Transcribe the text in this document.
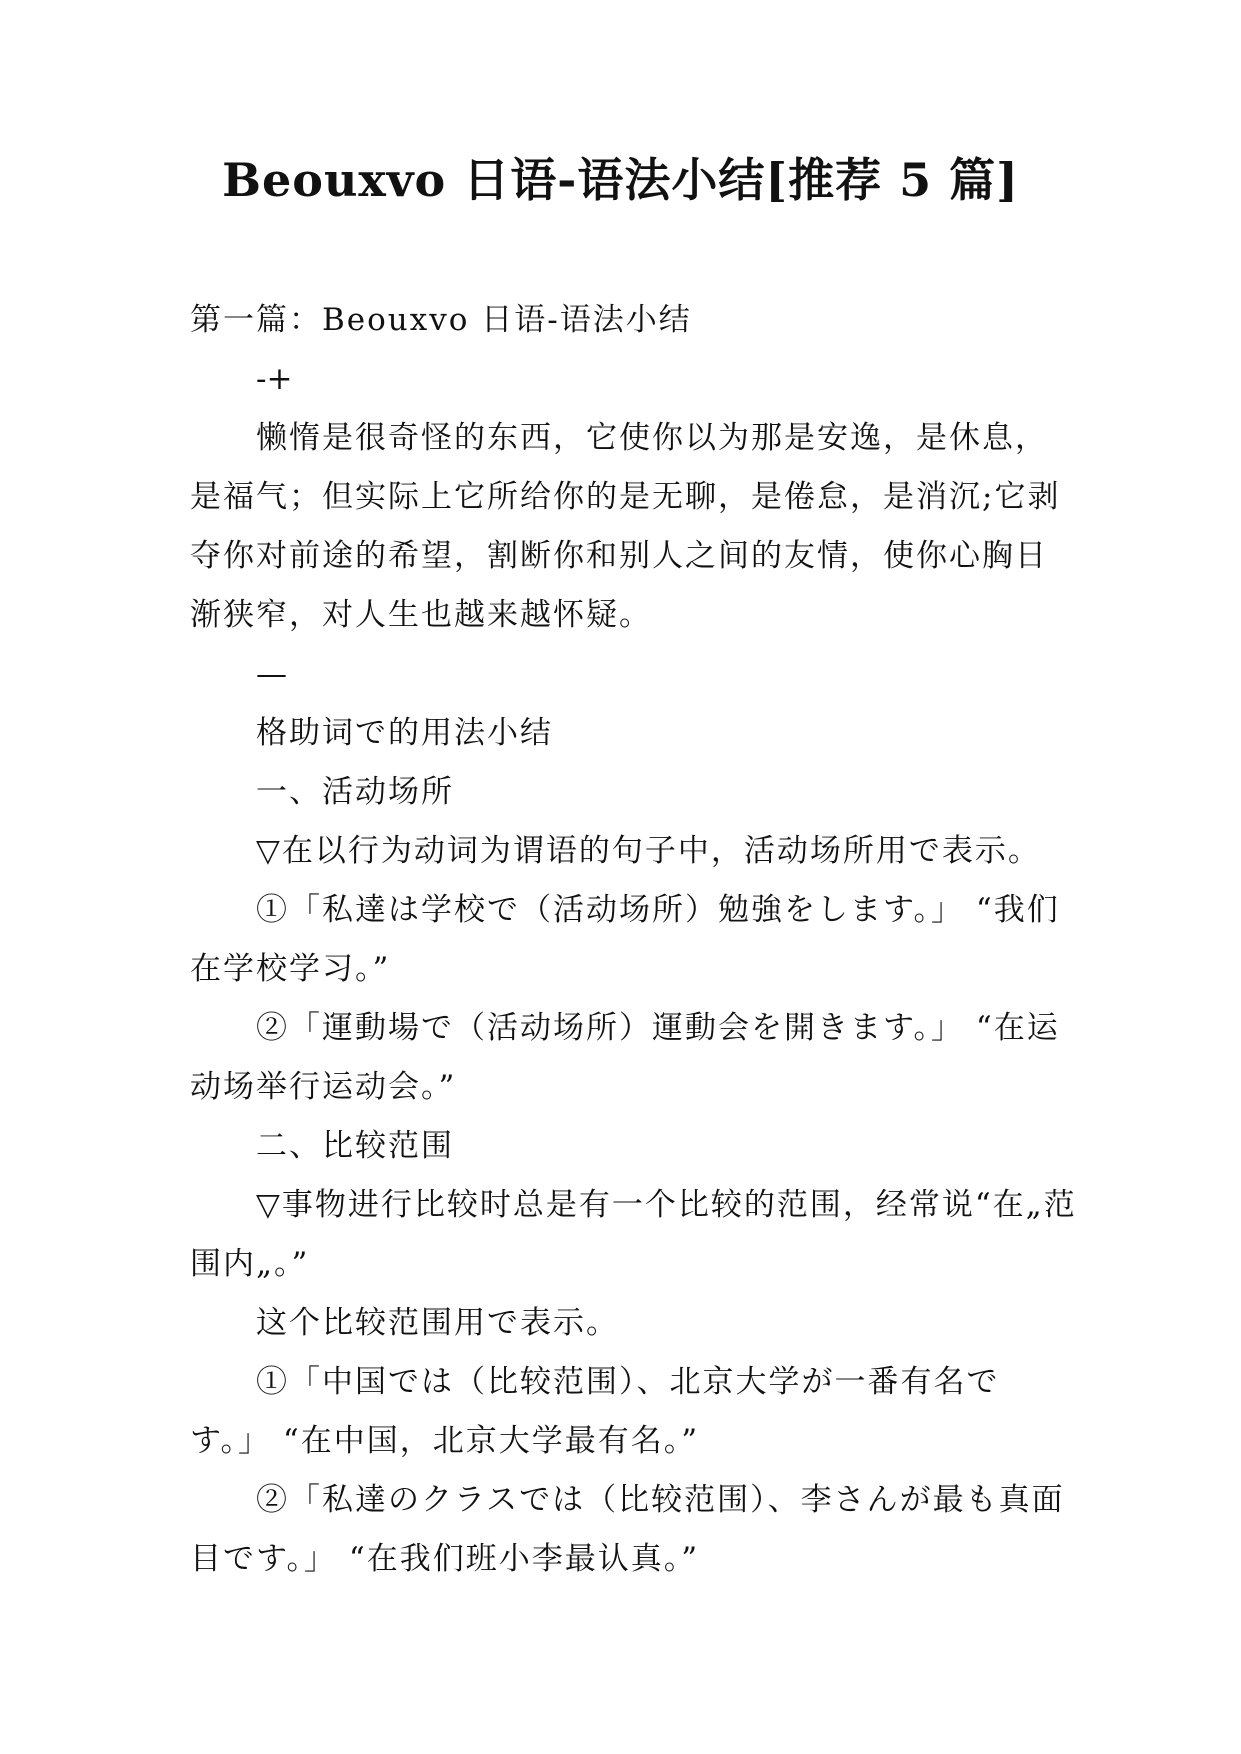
Beouxvo 日语-语法小结[推荐 5 篇]

第一篇：Beouxvo 日语-语法小结

-+

懒惰是很奇怪的东西，它使你以为那是安逸，是休息，是福气；但实际上它所给你的是无聊，是倦怠，是消沉;它剥夺你对前途的希望，割断你和别人之间的友情，使你心胸日渐狭窄，对人生也越来越怀疑。

—

格助词で的用法小结

一、活动场所

▽在以行为动词为谓语的句子中，活动场所用で表示。

①「私達は学校で（活动场所）勉強をします。」 “我们在学校学习。”

②「運動場で（活动场所）運動会を開きます。」 “在运动场举行运动会。”

二、比较范围

▽事物进行比较时总是有一个比较的范围，经常说“在„范围内„。”

这个比较范围用で表示。

①「中国では（比较范围）、北京大学が一番有名です。」 “在中国，北京大学最有名。”

②「私達のクラスでは（比较范围）、李さんが最も真面目です。」 “在我们班小李最认真。”
